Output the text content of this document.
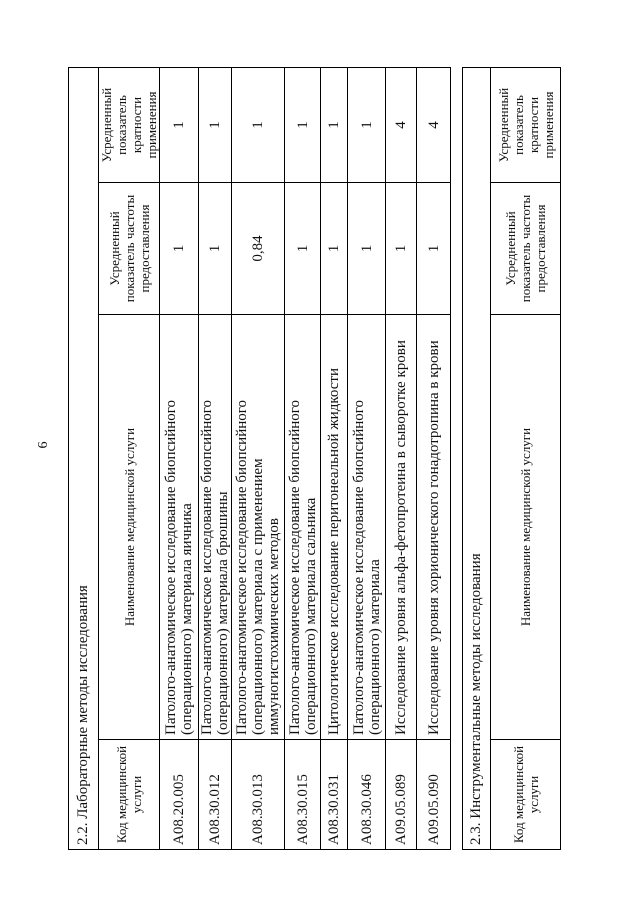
6
2.2. Лабораторные методы исследования			
Код медицинской услуги	Наименование медицинской услуги	Усредненный показатель частоты предоставления	Усредненный показатель кратности применения
A08.20.005	Патолого-анатомическое исследование биопсийного (операционного) материала яичника	1	1
A08.30.012	Патолого-анатомическое исследование биопсийного (операционного) материала брюшины	1	1
A08.30.013	Патолого-анатомическое исследование биопсийного (операционного) материала с применением иммуногистохимических методов	0,84	1
A08.30.015	Патолого-анатомическое исследование биопсийного (операционного) материала сальника	1	1
A08.30.031	Цитологическое исследование перитонеальной жидкости	1	1
A08.30.046	Патолого-анатомическое исследование биопсийного (операционного) материала	1	1
A09.05.089	Исследование уровня альфа-фетопротеина в сыворотке крови	1	4
A09.05.090	Исследование уровня хорионического гонадотропина в крови	1	4
2.3. Инструментальные методы исследования
Код медицинской услуги	Наименование медицинской услуги	Усредненный показатель частоты предоставления	Усредненный показатель кратности применения
